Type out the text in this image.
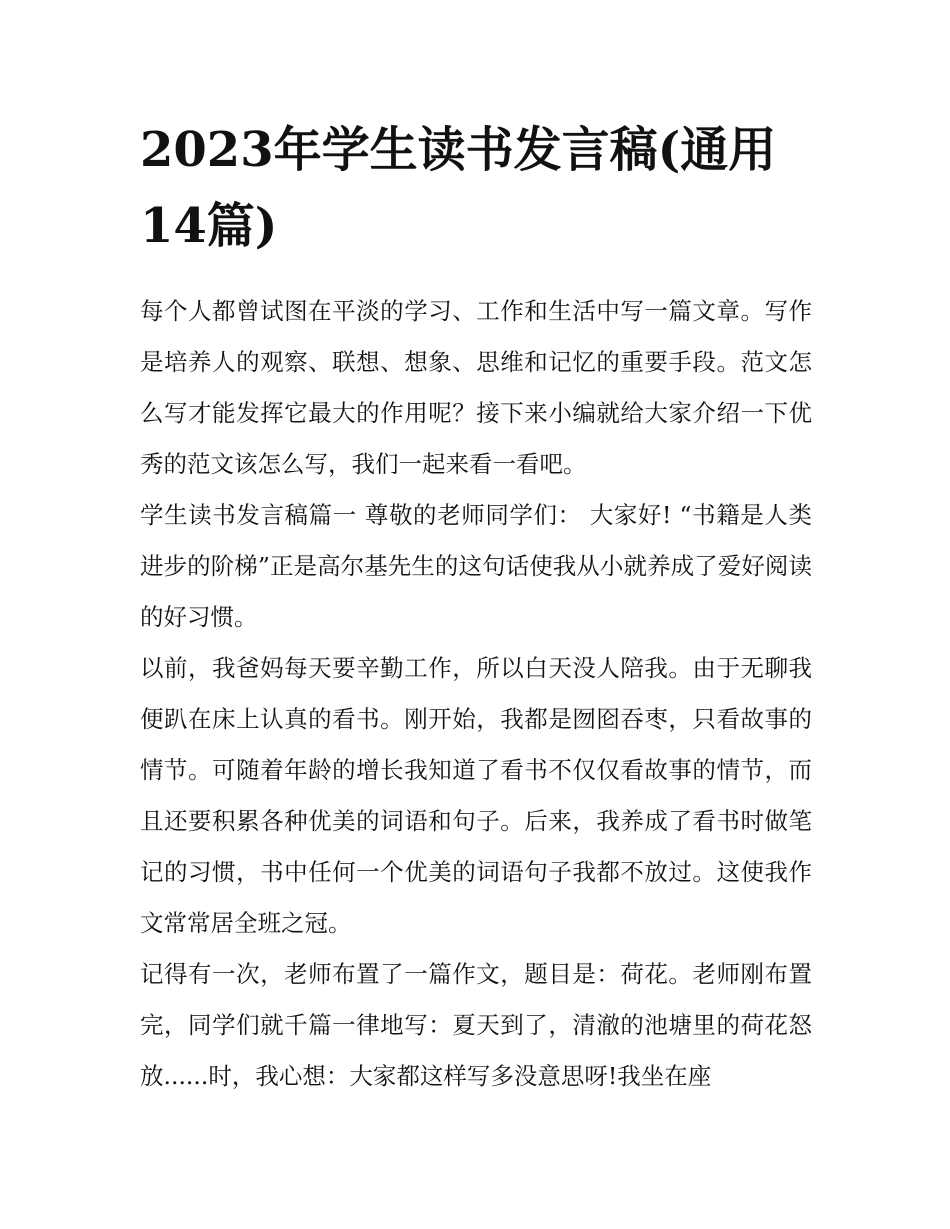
2023年学生读书发言稿(通用14篇)

每个人都曾试图在平淡的学习、工作和生活中写一篇文章。写作是培养人的观察、联想、想象、思维和记忆的重要手段。范文怎么写才能发挥它最大的作用呢？接下来小编就给大家介绍一下优秀的范文该怎么写，我们一起来看一看吧。

学生读书发言稿篇一 尊敬的老师同学们： 大家好! “书籍是人类进步的阶梯”正是高尔基先生的这句话使我从小就养成了爱好阅读的好习惯。

以前，我爸妈每天要辛勤工作，所以白天没人陪我。由于无聊我便趴在床上认真的看书。刚开始，我都是囫囵吞枣，只看故事的情节。可随着年龄的增长我知道了看书不仅仅看故事的情节，而且还要积累各种优美的词语和句子。后来，我养成了看书时做笔记的习惯，书中任何一个优美的词语句子我都不放过。这使我作文常常居全班之冠。

记得有一次，老师布置了一篇作文，题目是：荷花。老师刚布置完，同学们就千篇一律地写：夏天到了，清澈的池塘里的荷花怒放......时，我心想：大家都这样写多没意思呀!我坐在座
